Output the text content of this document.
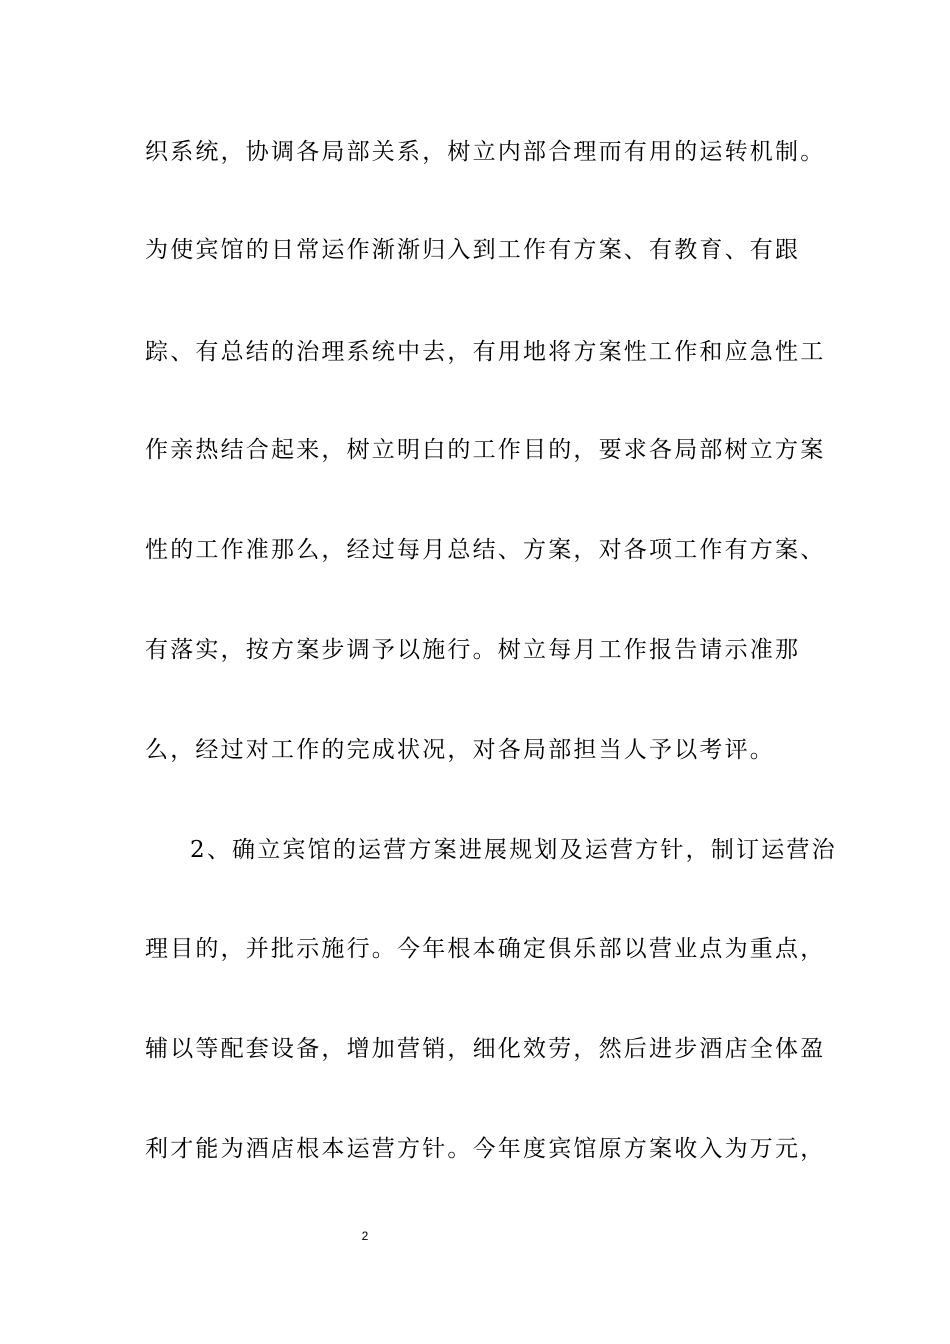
织系统，协调各局部关系，树立内部合理而有用的运转机制。
为使宾馆的日常运作渐渐归入到工作有方案、有教育、有跟
踪、有总结的治理系统中去，有用地将方案性工作和应急性工
作亲热结合起来，树立明白的工作目的，要求各局部树立方案
性的工作准那么，经过每月总结、方案，对各项工作有方案、
有落实，按方案步调予以施行。树立每月工作报告请示准那
么，经过对工作的完成状况，对各局部担当人予以考评。
2、确立宾馆的运营方案进展规划及运营方针，制订运营治
理目的，并批示施行。今年根本确定俱乐部以营业点为重点，
辅以等配套设备，增加营销，细化效劳，然后进步酒店全体盈
利才能为酒店根本运营方针。今年度宾馆原方案收入为万元，
2
